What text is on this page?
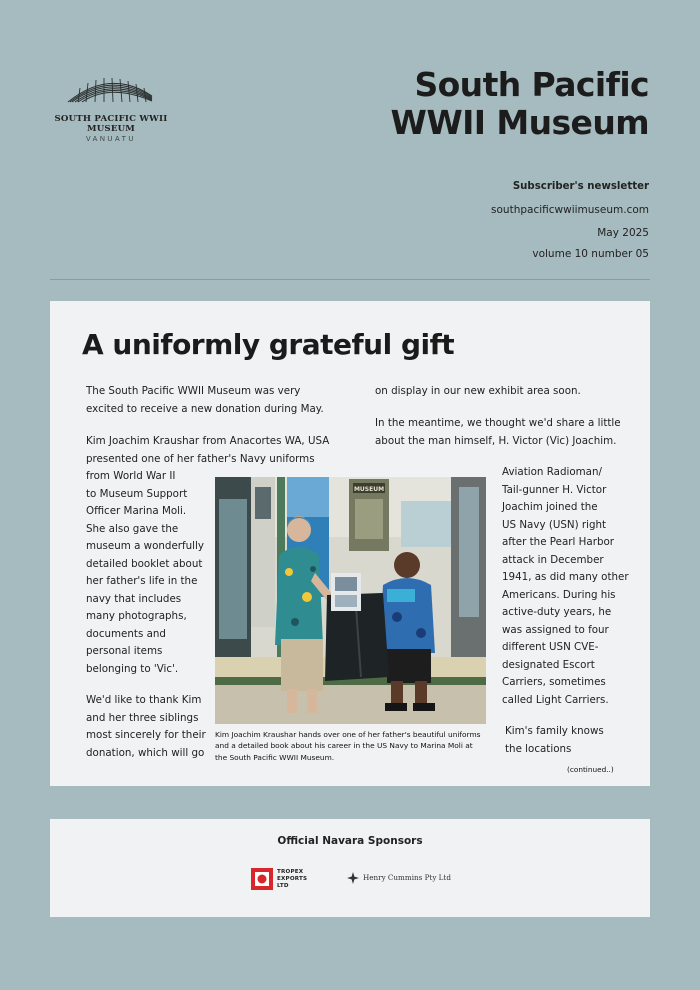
SOUTH PACIFIC WWII
MUSEUM
VANUATU
South Pacific
WWII Museum
Subscriber's newsletter
southpacificwwiimuseum.com
May 2025
volume 10 number 05
A uniformly grateful gift
The South Pacific WWII Museum was very
excited to receive a new donation during May.
Kim Joachim Kraushar from Anacortes WA, USA
presented one of her father's Navy uniforms
from World War II
to Museum Support
Officer Marina Moli.
She also gave the
museum a wonderfully
detailed booklet about
her father's life in the
navy that includes
many photographs,
documents and
personal items
belonging to 'Vic'.
We'd like to thank Kim
and her three siblings
most sincerely for their
donation, which will go
on display in our new exhibit area soon.
In the meantime, we thought we'd share a little
about the man himself, H. Victor (Vic) Joachim.
Aviation Radioman/
Tail-gunner H. Victor
Joachim joined the
US Navy (USN) right
after the Pearl Harbor
attack in December
1941, as did many other
Americans. During his
active-duty years, he
was assigned to four
different USN CVE-
designated Escort
Carriers, sometimes
called Light Carriers.
Kim's family knows
the locations
MUSEUM
Kim Joachim Kraushar hands over one of her father's beautiful uniforms
and a detailed book about his career in the US Navy to Marina Moli at
the South Pacific WWII Museum.
(continued..)
Official Navara Sponsors
TROPEX
EXPORTS
LTD
Henry Cummins Pty Ltd
